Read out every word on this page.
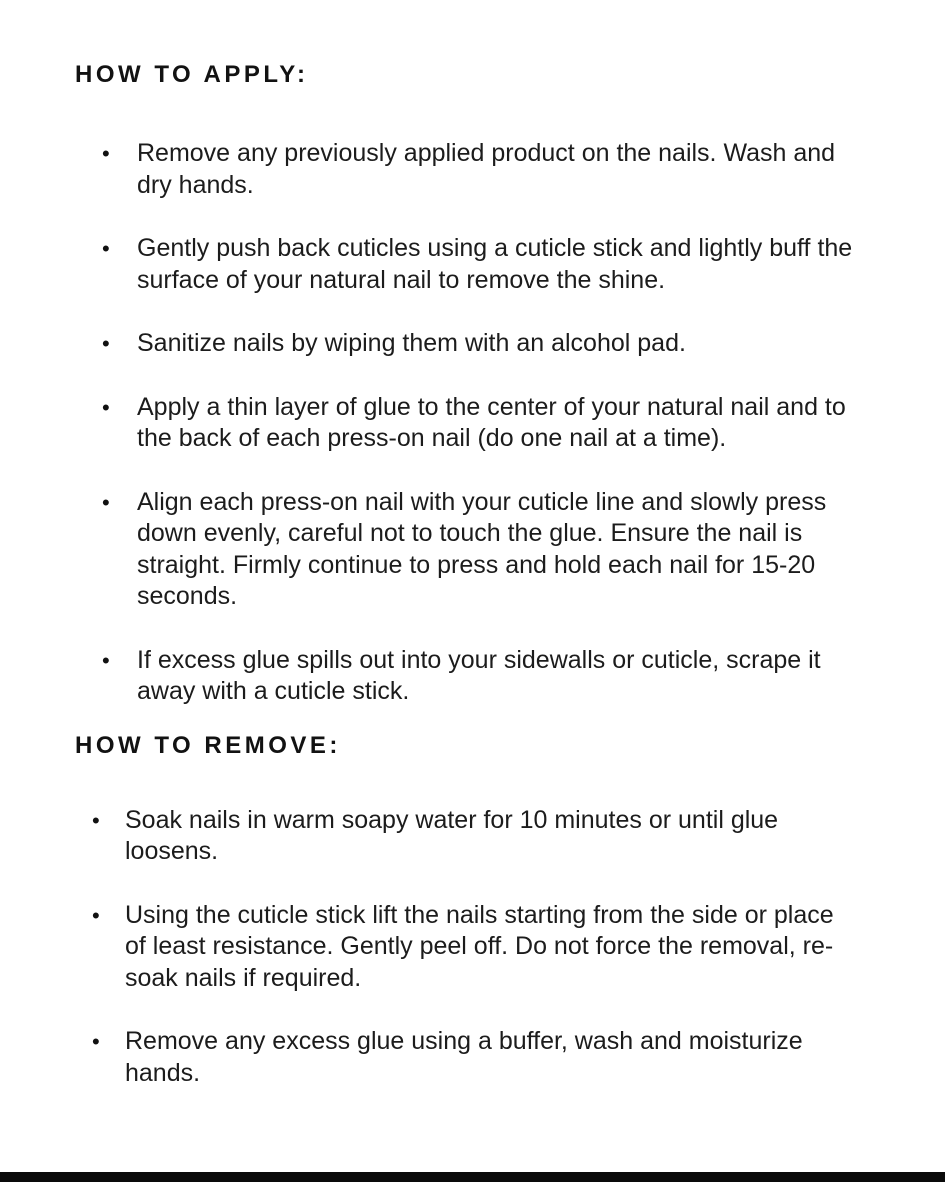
HOW TO APPLY:
•	Remove any previously applied product on the nails. Wash and dry hands.
•	Gently push back cuticles using a cuticle stick and lightly buff the surface of your natural nail to remove the shine.
•	Sanitize nails by wiping them with an alcohol pad.
•	Apply a thin layer of glue to the center of your natural nail and to the back of each press-on nail (do one nail at a time).
•	Align each press-on nail with your cuticle line and slowly press down evenly, careful not to touch the glue. Ensure the nail is straight. Firmly continue to press and hold each nail for 15-20 seconds.
•	If excess glue spills out into your sidewalls or cuticle, scrape it away with a cuticle stick.
HOW TO REMOVE:
•	Soak nails in warm soapy water for 10 minutes or until glue loosens.
•	Using the cuticle stick lift the nails starting from the side or place of least resistance. Gently peel off. Do not force the removal, re-soak nails if required.
•	Remove any excess glue using a buffer, wash and moisturize hands.
